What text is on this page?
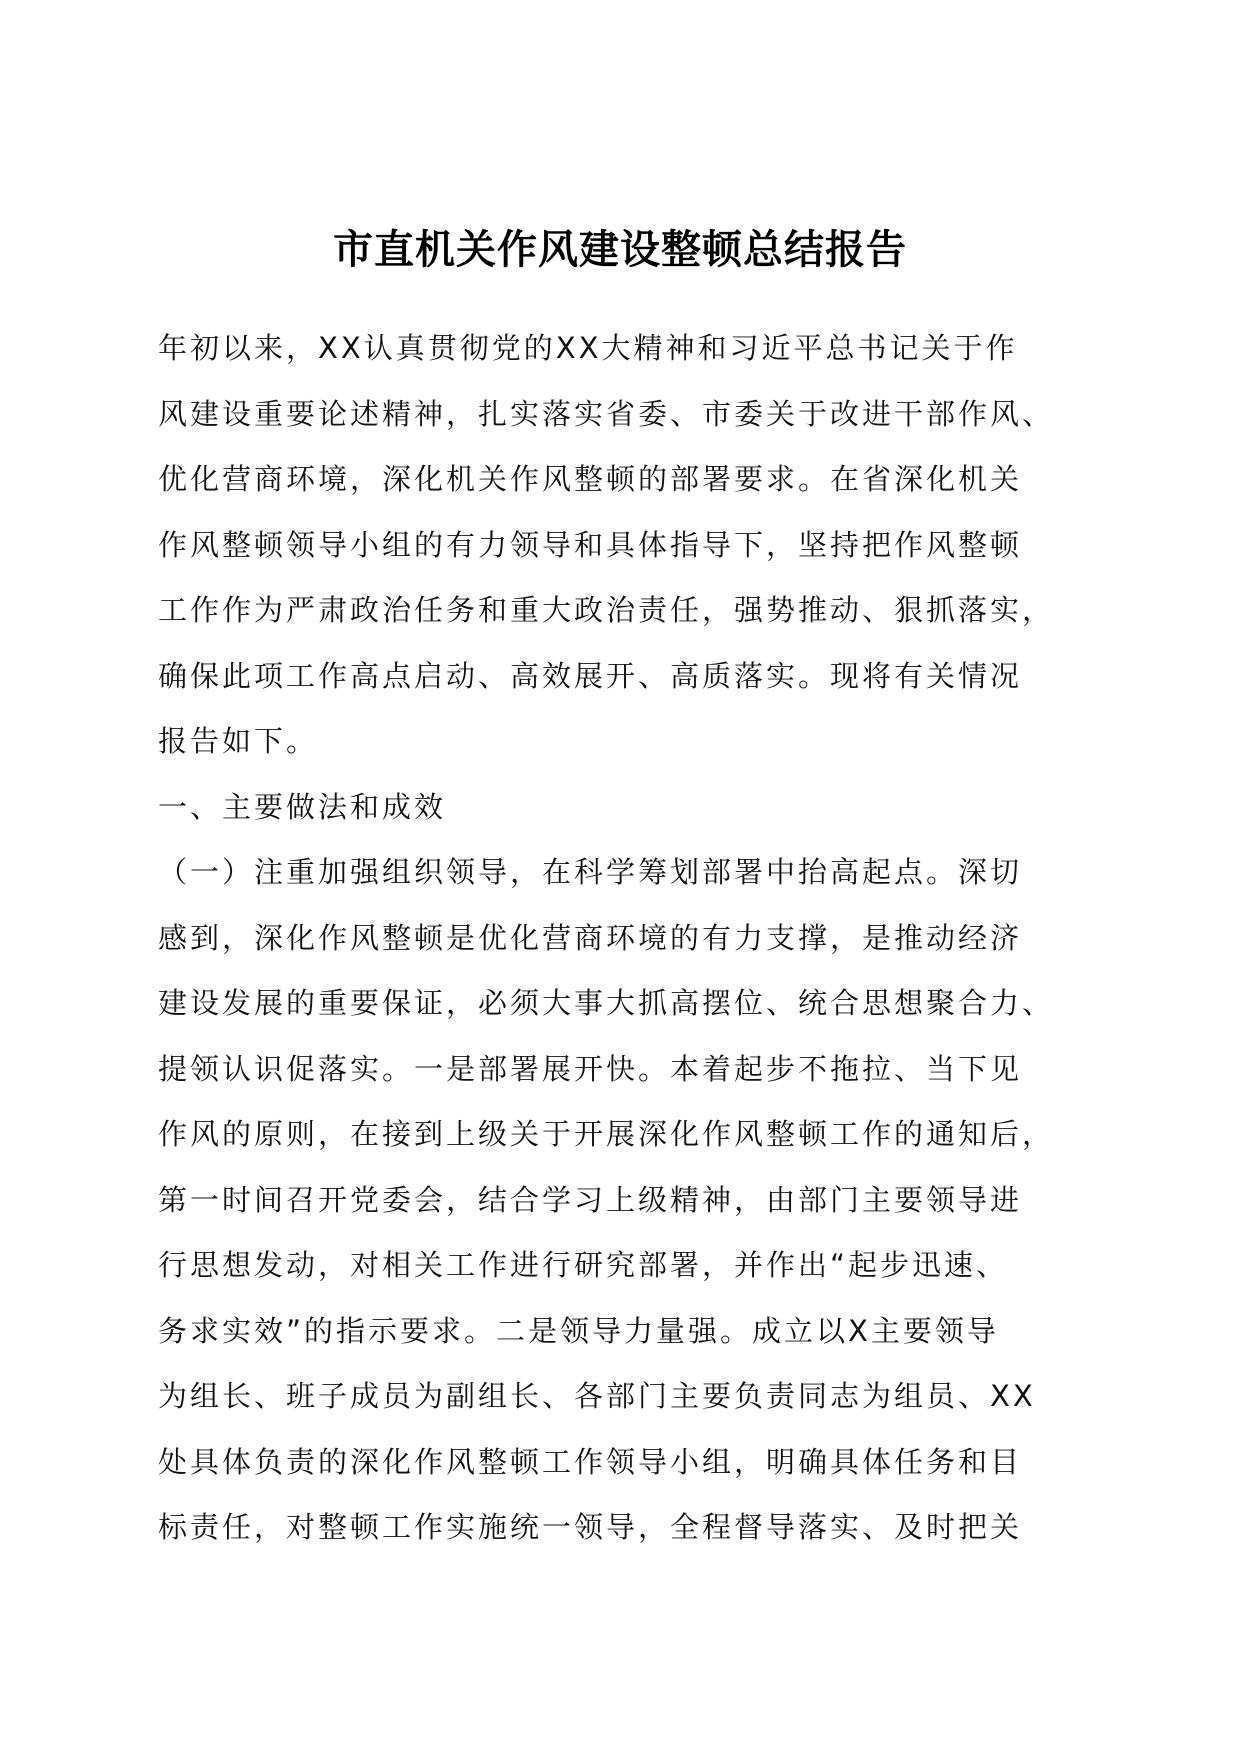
市直机关作风建设整顿总结报告
年初以来，XX认真贯彻党的XX大精神和习近平总书记关于作
风建设重要论述精神，扎实落实省委、市委关于改进干部作风、
优化营商环境，深化机关作风整顿的部署要求。在省深化机关
作风整顿领导小组的有力领导和具体指导下，坚持把作风整顿
工作作为严肃政治任务和重大政治责任，强势推动、狠抓落实，
确保此项工作高点启动、高效展开、高质落实。现将有关情况
报告如下。
一、主要做法和成效
（一）注重加强组织领导，在科学筹划部署中抬高起点。深切
感到，深化作风整顿是优化营商环境的有力支撑，是推动经济
建设发展的重要保证，必须大事大抓高摆位、统合思想聚合力、
提领认识促落实。一是部署展开快。本着起步不拖拉、当下见
作风的原则，在接到上级关于开展深化作风整顿工作的通知后，
第一时间召开党委会，结合学习上级精神，由部门主要领导进
行思想发动，对相关工作进行研究部署，并作出“起步迅速、
务求实效”的指示要求。二是领导力量强。成立以X主要领导
为组长、班子成员为副组长、各部门主要负责同志为组员、XX
处具体负责的深化作风整顿工作领导小组，明确具体任务和目
标责任，对整顿工作实施统一领导，全程督导落实、及时把关
